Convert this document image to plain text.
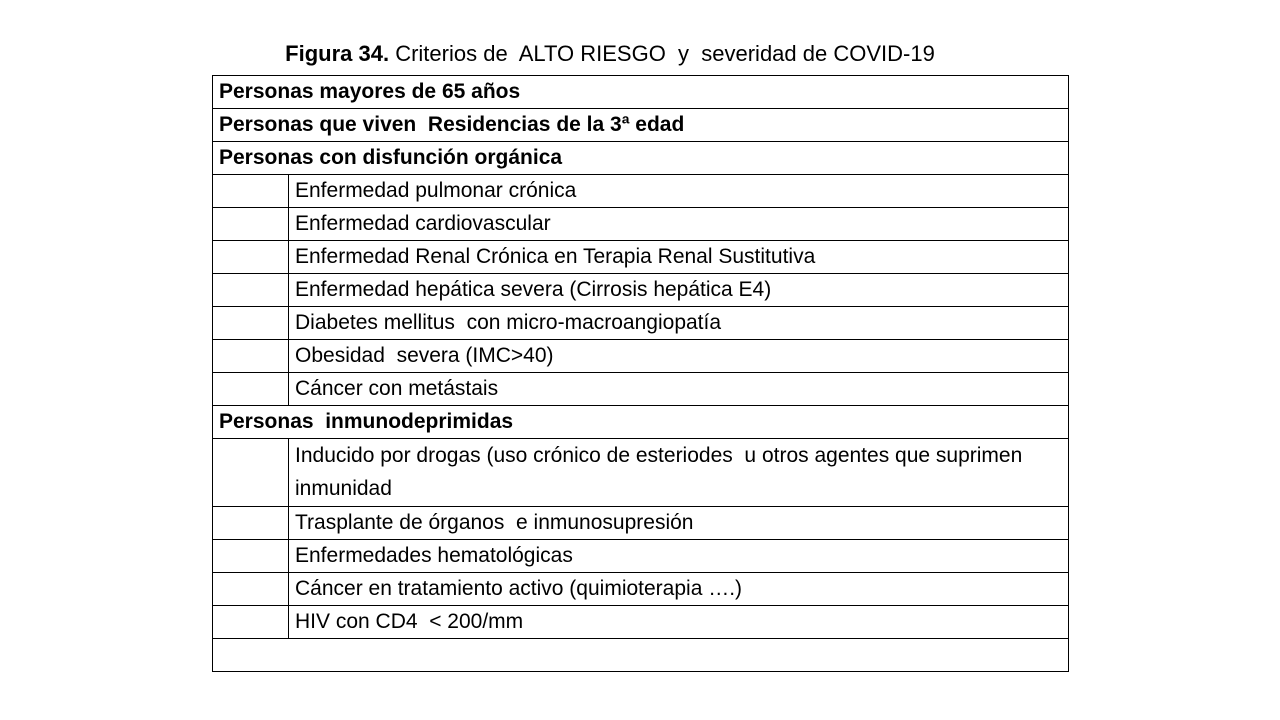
Figura 34. Criterios de  ALTO RIESGO  y  severidad de COVID-19
Personas mayores de 65 años	
Personas que viven  Residencias de la 3ª edad	
Personas con disfunción orgánica	
	Enfermedad pulmonar crónica
	Enfermedad cardiovascular
	Enfermedad Renal Crónica en Terapia Renal Sustitutiva
	Enfermedad hepática severa (Cirrosis hepática E4)
	Diabetes mellitus  con micro-macroangiopatía
	Obesidad  severa (IMC>40)
	Cáncer con metástais
Personas  inmunodeprimidas	
	Inducido por drogas (uso crónico de esteriodes  u otros agentes que suprimen inmunidad
	Trasplante de órganos  e inmunosupresión
	Enfermedades hematológicas
	Cáncer en tratamiento activo (quimioterapia ….)
	HIV con CD4  < 200/mm
